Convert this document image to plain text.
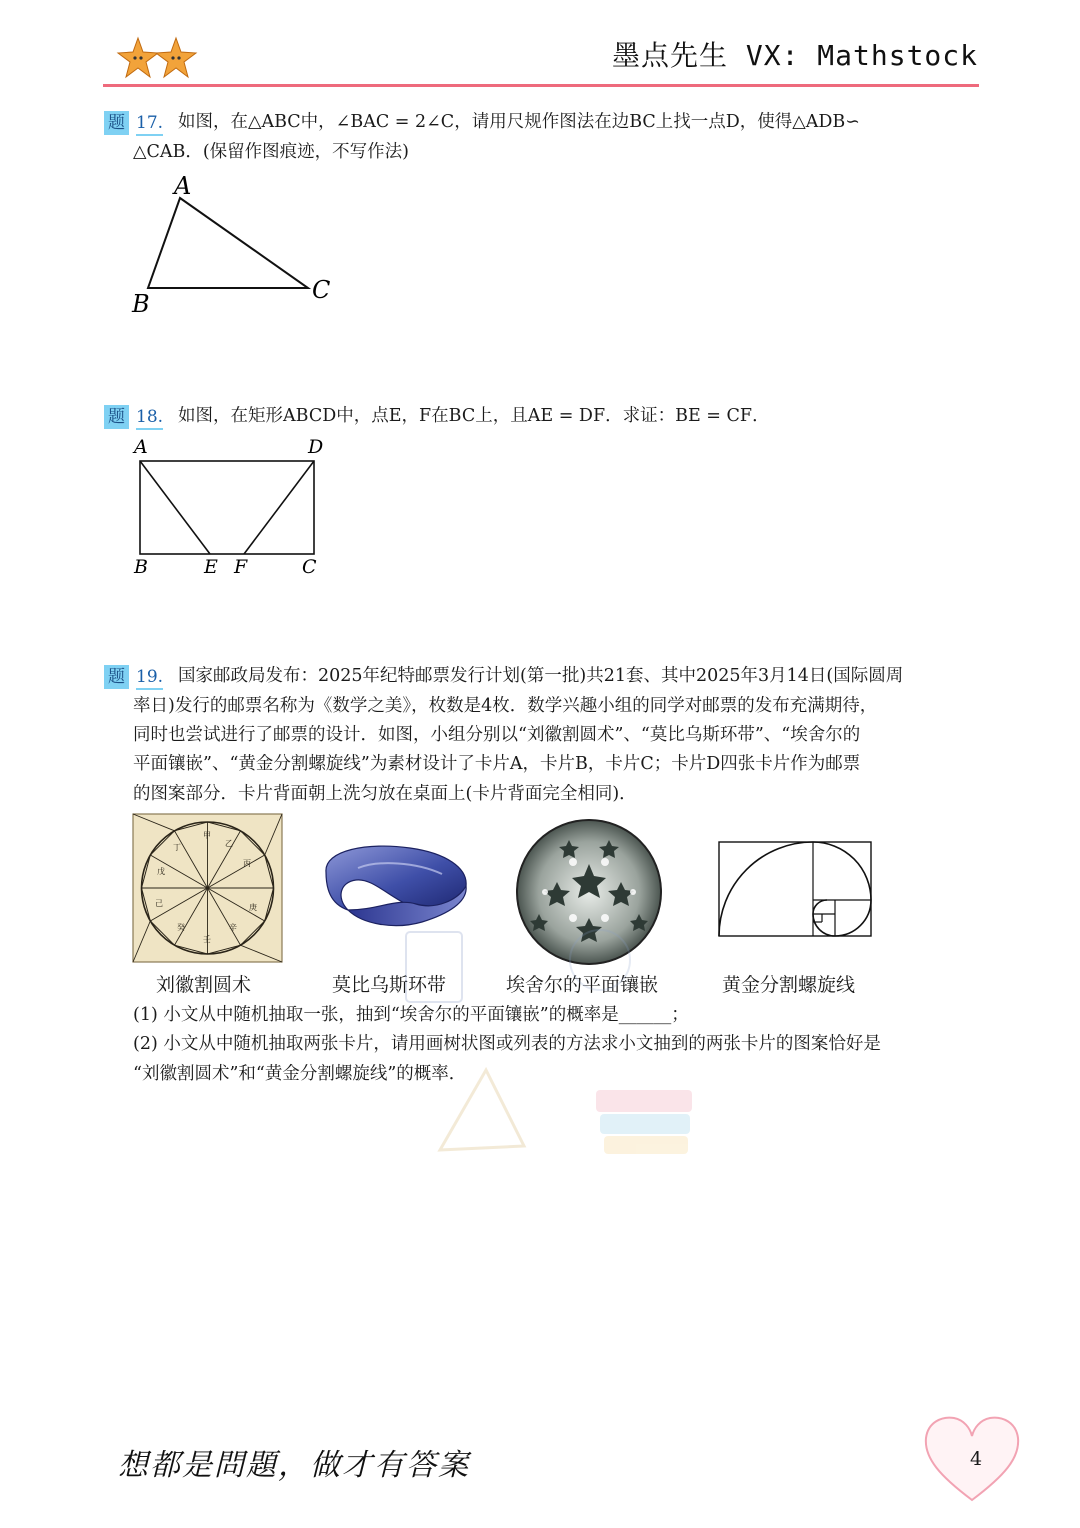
墨点先生 VX: Mathstock
题 17. 如图，在△ABC中，∠BAC = 2∠C，请用尺规作图法在边BC上找一点D，使得△ADB∽
△CAB．(保留作图痕迹，不写作法)
A
B	C
题 18. 如图，在矩形ABCD中，点E，F在BC上，且AE = DF．求证：BE = CF．
A	D
B	E F	C
题 19. 国家邮政局发布：2025年纪特邮票发行计划(第一批)共21套、其中2025年3月14日(国际圆周
率日)发行的邮票名称为《数学之美》，枚数是4枚．数学兴趣小组的同学对邮票的发布充满期待，
同时也尝试进行了邮票的设计．如图，小组分别以“刘徽割圆术”、“莫比乌斯环带”、“埃舍尔的
平面镶嵌”、“黄金分割螺旋线”为素材设计了卡片A，卡片B，卡片C；卡片D四张卡片作为邮票
的图案部分．卡片背面朝上洗匀放在桌面上(卡片背面完全相同)．
甲
乙
丙
丁
戊
己	庚
辛
壬
癸
刘徽割圆术	莫比乌斯环带	埃舍尔的平面镶嵌	黄金分割螺旋线
(1) 小文从中随机抽取一张，抽到“埃舍尔的平面镶嵌”的概率是______；
(2) 小文从中随机抽取两张卡片，请用画树状图或列表的方法求小文抽到的两张卡片的图案恰好是
“刘徽割圆术”和“黄金分割螺旋线”的概率．
想都是問題，做才有答案	4
